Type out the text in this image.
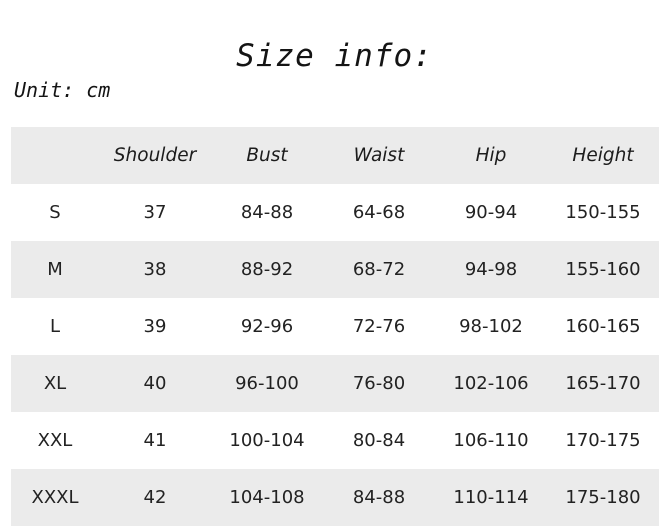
Size info:
Unit: cm
	Shoulder	Bust	Waist	Hip	Height
S	37	84-88	64-68	90-94	150-155
M	38	88-92	68-72	94-98	155-160
L	39	92-96	72-76	98-102	160-165
XL	40	96-100	76-80	102-106	165-170
XXL	41	100-104	80-84	106-110	170-175
XXXL	42	104-108	84-88	110-114	175-180
